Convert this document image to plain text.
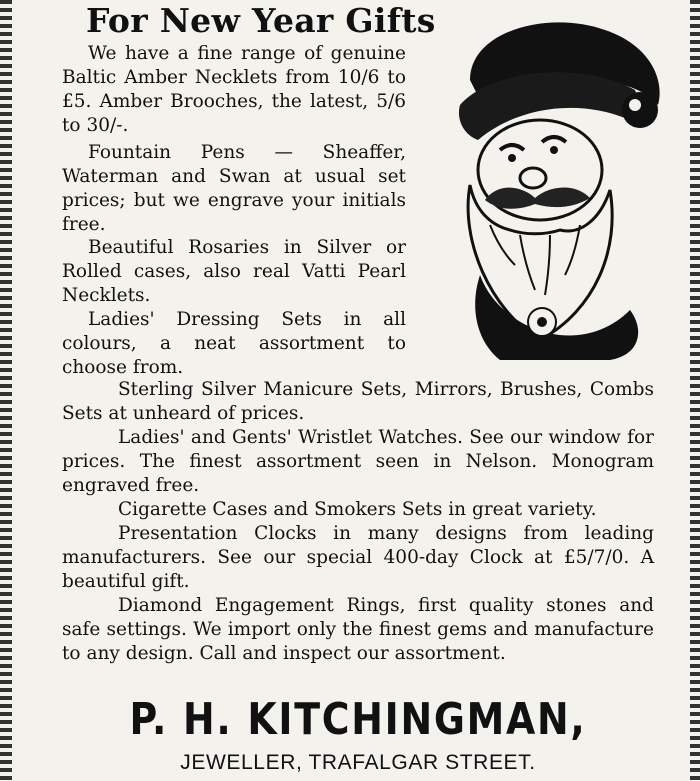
For New Year Gifts

We have a fine range of genuine Baltic Amber Necklets from 10/6 to £5. Amber Brooches, the latest, 5/6 to 30/-.

Fountain Pens — Sheaffer, Waterman and Swan at usual set prices; but we engrave your initials free.

Beautiful Rosaries in Silver or Rolled cases, also real Vatti Pearl Necklets.

Ladies' Dressing Sets in all colours, a neat assortment to choose from.

Sterling Silver Manicure Sets, Mirrors, Brushes, Combs Sets at unheard of prices.

Ladies' and Gents' Wristlet Watches. See our window for prices. The finest assortment seen in Nelson. Monogram engraved free.

Cigarette Cases and Smokers Sets in great variety.

Presentation Clocks in many designs from leading manufacturers. See our special 400-day Clock at £5/7/0. A beautiful gift.

Diamond Engagement Rings, first quality stones and safe settings. We import only the finest gems and manufacture to any design. Call and inspect our assortment.

P. H. KITCHINGMAN,
JEWELLER, TRAFALGAR STREET.
